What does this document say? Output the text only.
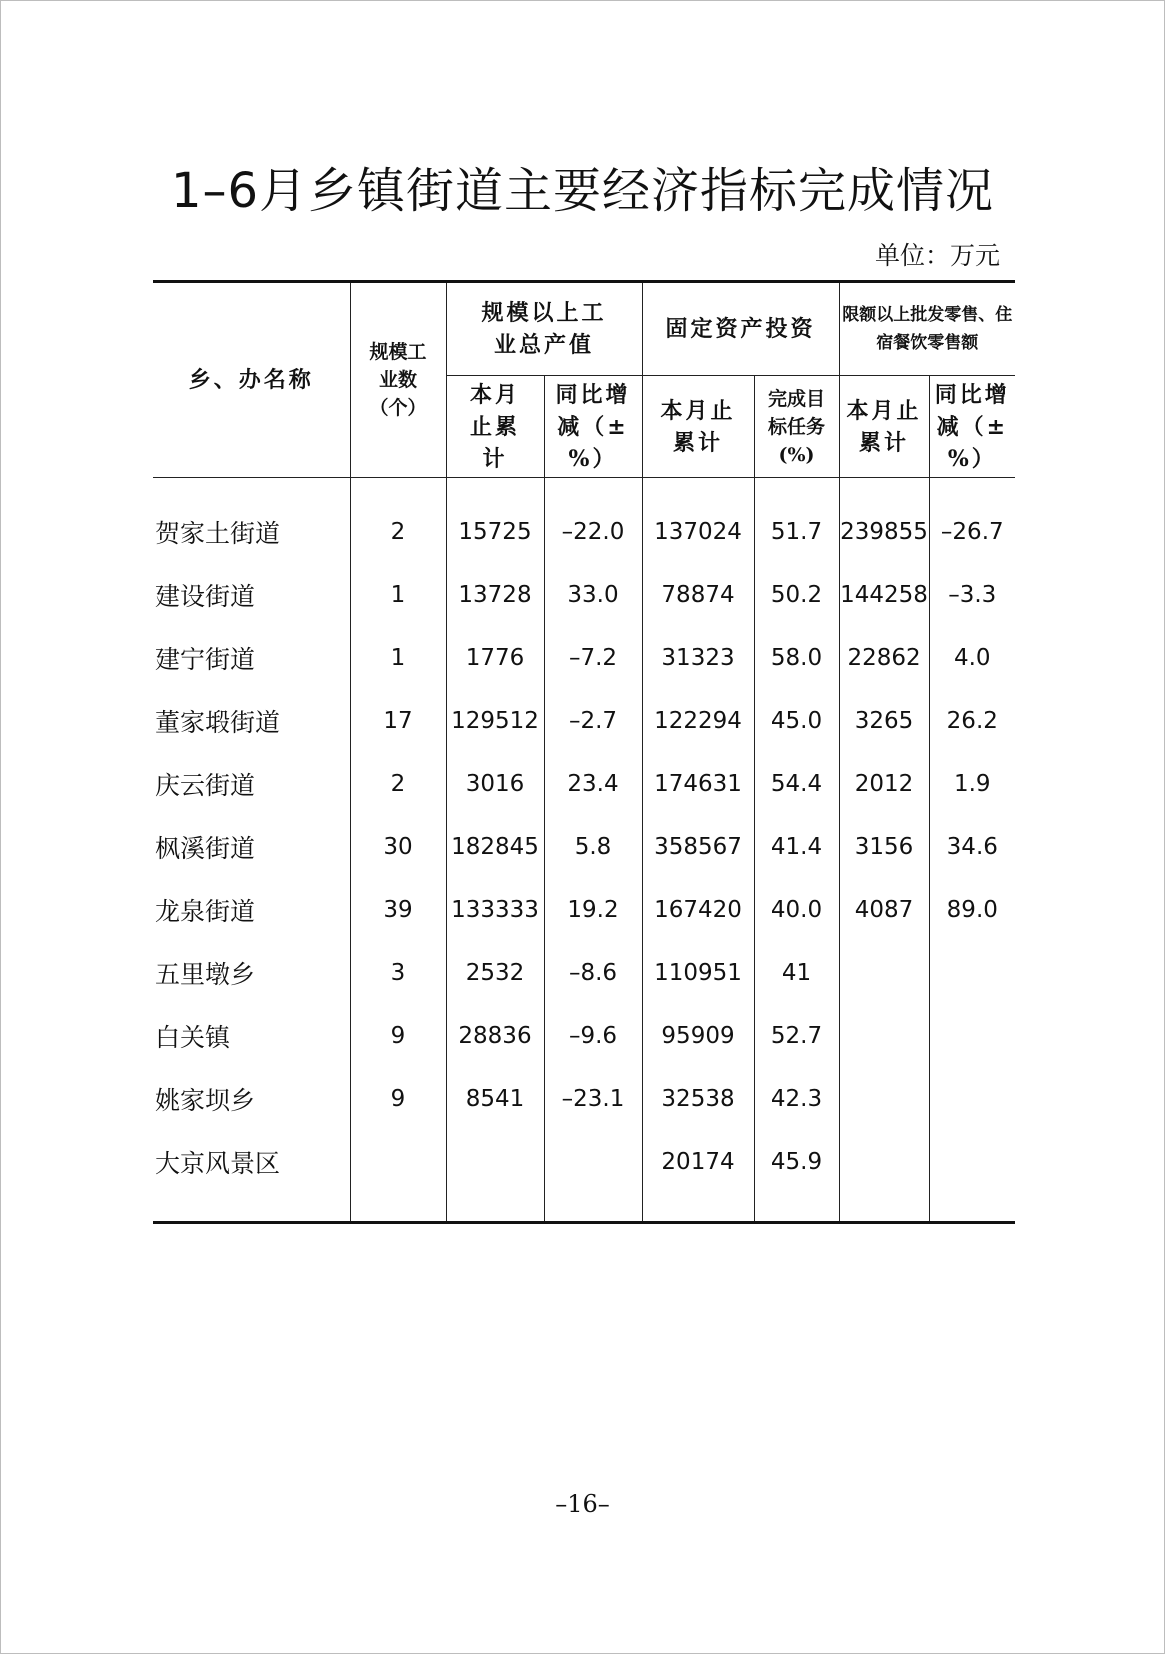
1–6月乡镇街道主要经济指标完成情况
单位：万元
乡、办名称	规模工业数（个）	规模以上工业总产值		固定资产投资		限额以上批发零售、住宿餐饮零售额	
		本月止累计	同比增减（±%）	本月止累计	完成目标任务(%)	本月止累计	同比增减（±%）

贺家土街道	2	15725	–22.0	137024	51.7	239855	–26.7
建设街道	1	13728	33.0	78874	50.2	144258	–3.3
建宁街道	1	1776	–7.2	31323	58.0	22862	4.0
董家塅街道	17	129512	–2.7	122294	45.0	3265	26.2
庆云街道	2	3016	23.4	174631	54.4	2012	1.9
枫溪街道	30	182845	5.8	358567	41.4	3156	34.6
龙泉街道	39	133333	19.2	167420	40.0	4087	89.0
五里墩乡	3	2532	–8.6	110951	41		
白关镇	9	28836	–9.6	95909	52.7		
姚家坝乡	9	8541	–23.1	32538	42.3		
大京风景区				20174	45.9		

–16–
